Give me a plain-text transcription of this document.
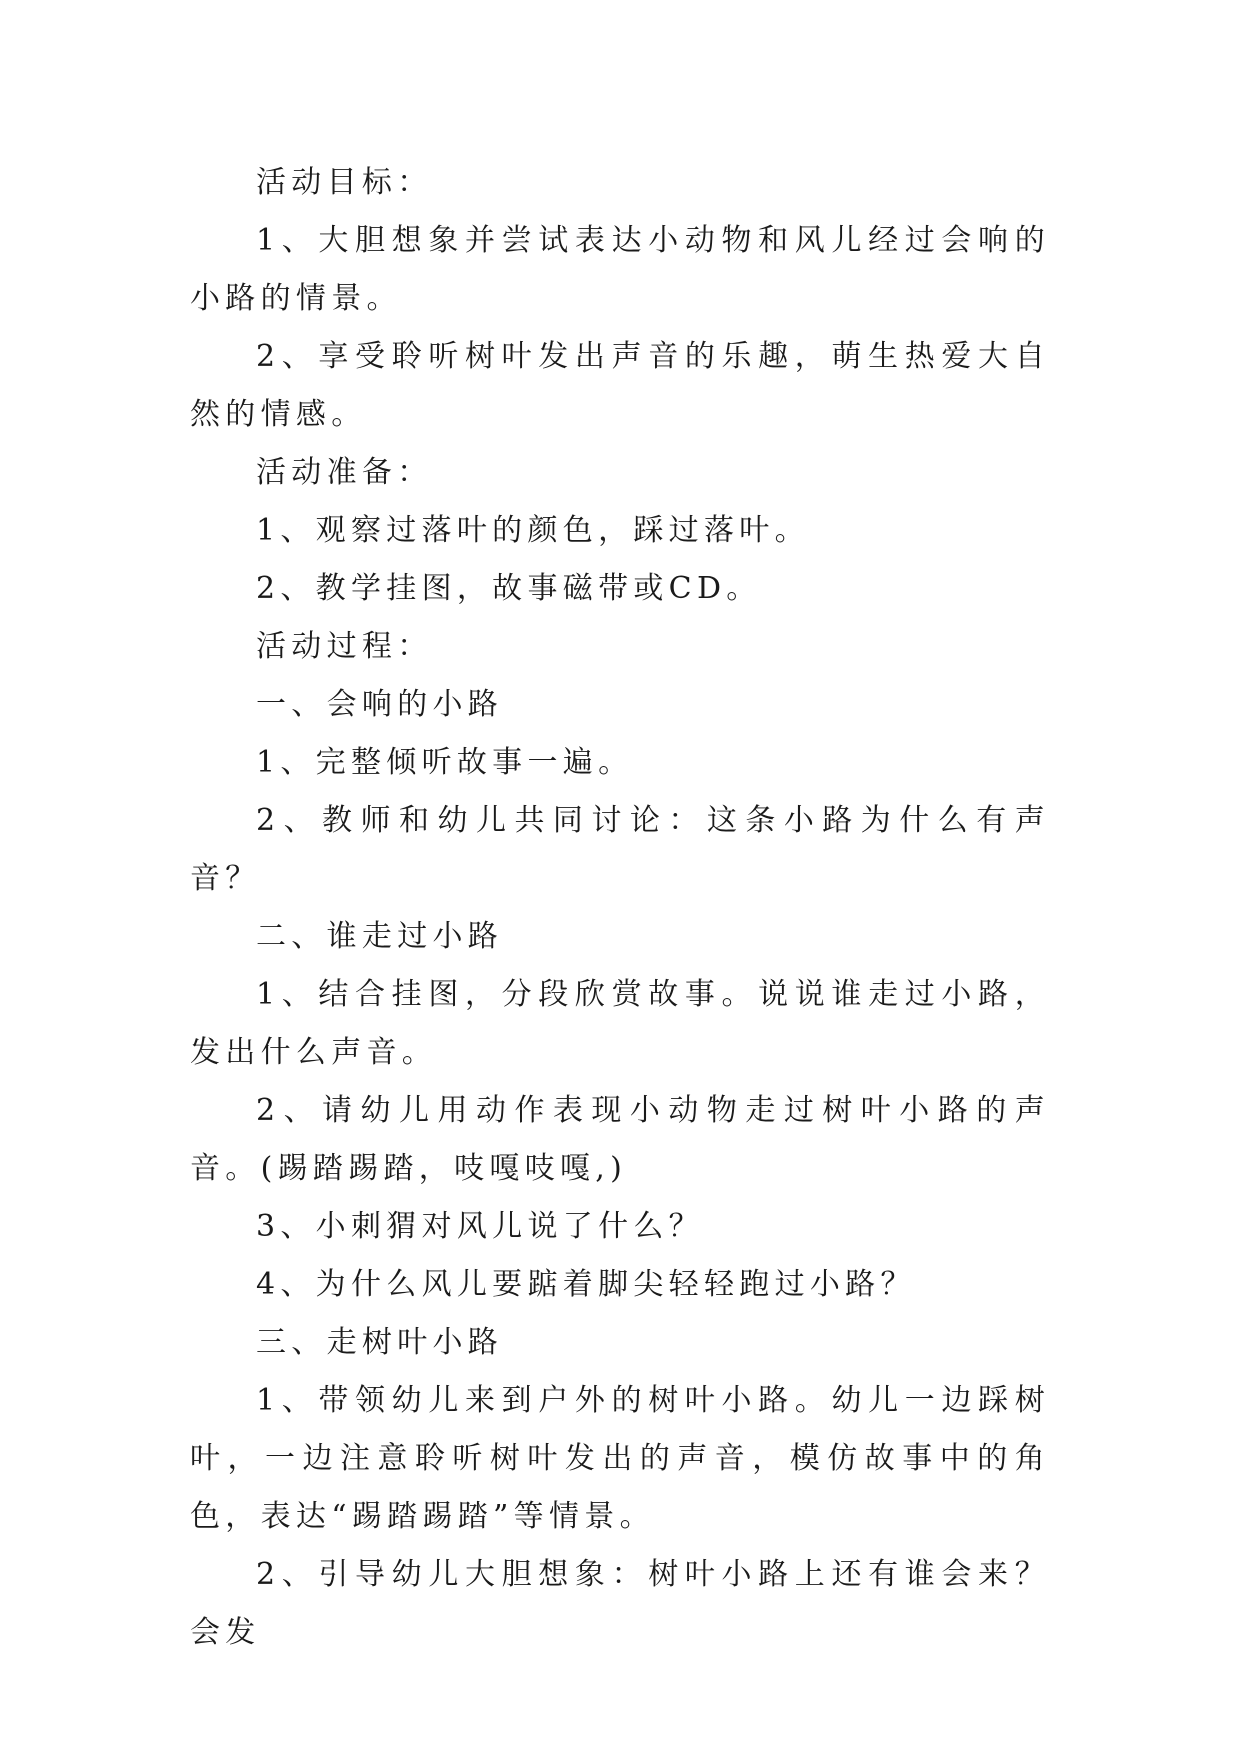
活动目标：

1、大胆想象并尝试表达小动物和风儿经过会响的小路的情景。

2、享受聆听树叶发出声音的乐趣，萌生热爱大自然的情感。

活动准备：

1、观察过落叶的颜色，踩过落叶。

2、教学挂图，故事磁带或CD。

活动过程：

一、会响的小路

1、完整倾听故事一遍。

2、教师和幼儿共同讨论：这条小路为什么有声音？

二、谁走过小路

1、结合挂图，分段欣赏故事。说说谁走过小路，发出什么声音。

2、请幼儿用动作表现小动物走过树叶小路的声音。(踢踏踢踏，吱嘎吱嘎,)

3、小刺猬对风儿说了什么？

4、为什么风儿要踮着脚尖轻轻跑过小路？

三、走树叶小路

1、带领幼儿来到户外的树叶小路。幼儿一边踩树叶，一边注意聆听树叶发出的声音，模仿故事中的角色，表达“踢踏踢踏”等情景。

2、引导幼儿大胆想象：树叶小路上还有谁会来？会发
